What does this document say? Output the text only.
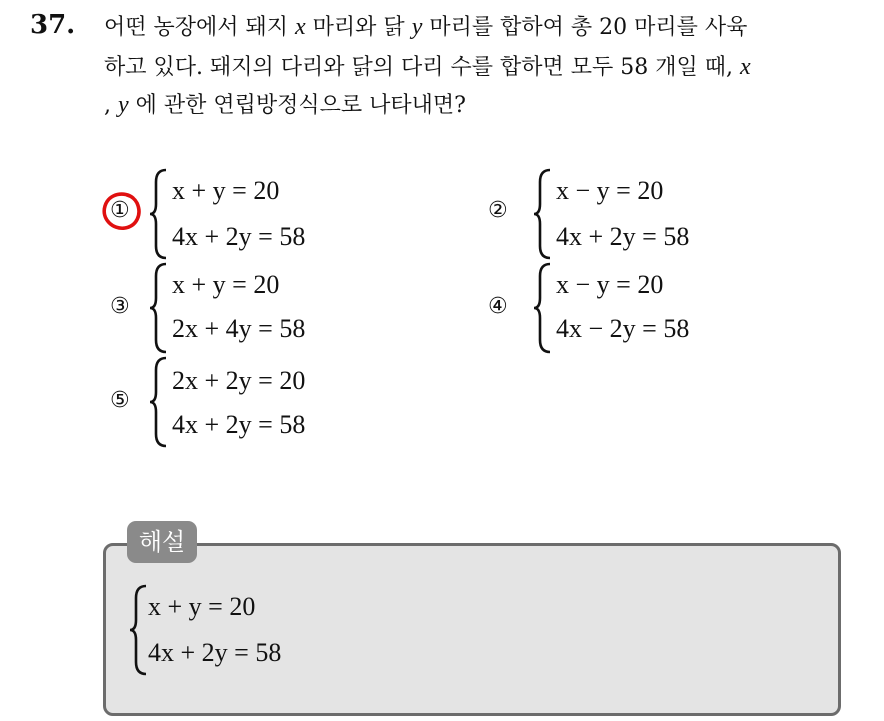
37. 어떤 농장에서 돼지 x 마리와 닭 y 마리를 합하여 총 20 마리를 사육
하고 있다. 돼지의 다리와 닭의 다리 수를 합하면 모두 58 개일 때, x
, y 에 관한 연립방정식으로 나타내면?
①
x + y = 20
4x + 2y = 58
②
x − y = 20
4x + 2y = 58
③
x + y = 20
2x + 4y = 58
④
x − y = 20
4x − 2y = 58
⑤
2x + 2y = 20
4x + 2y = 58
해설
x + y = 20
4x + 2y = 58
